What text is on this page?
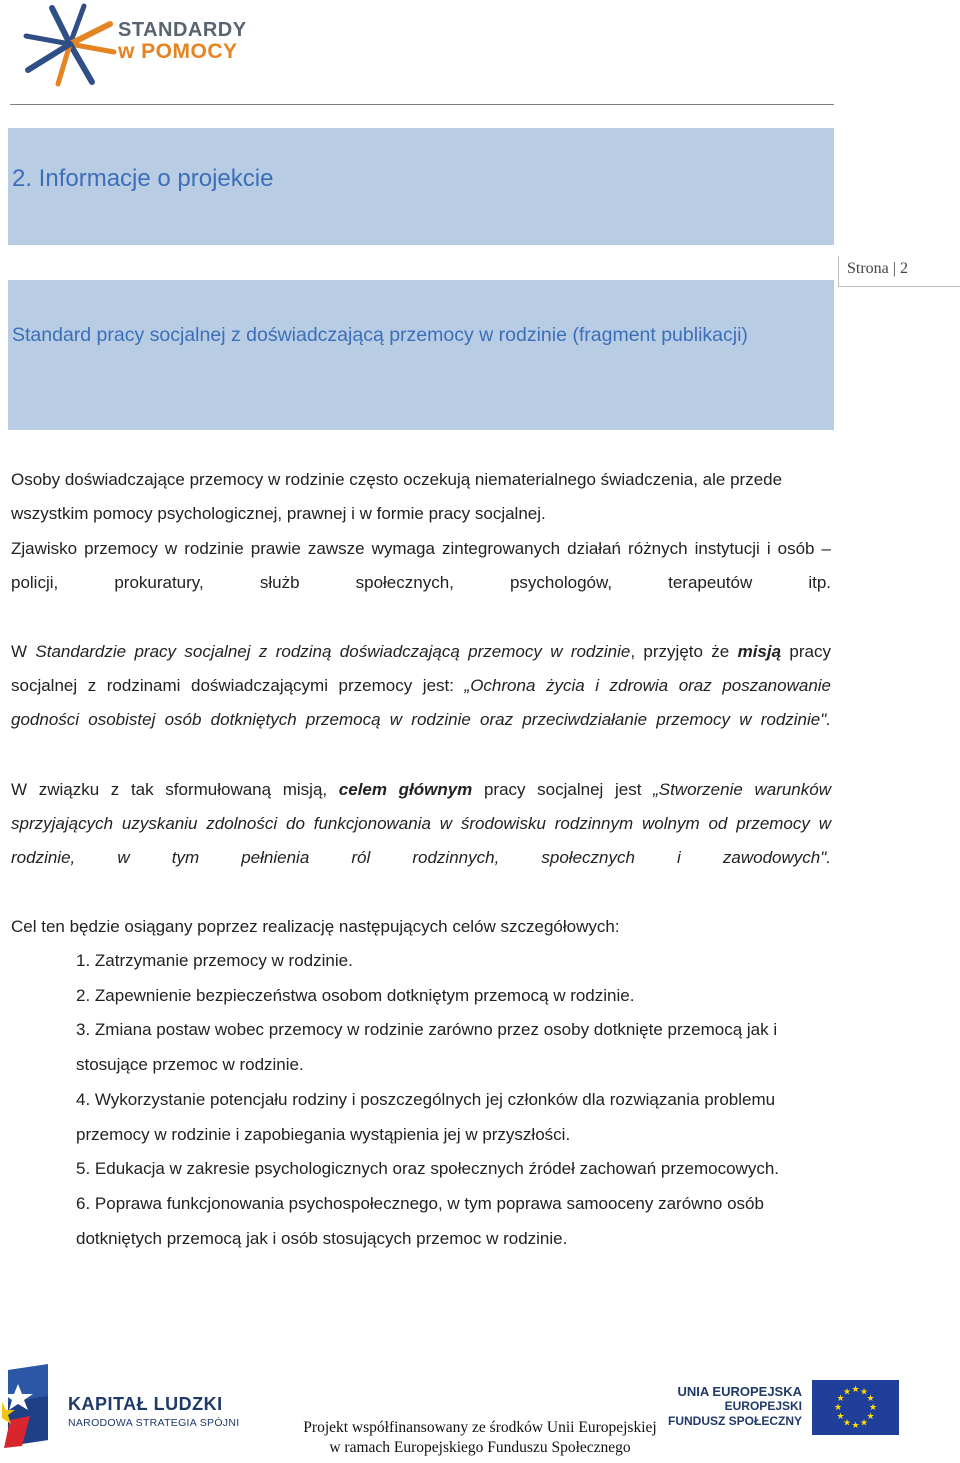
STANDARDY
w POMOCY
2. Informacje o projekcie
Strona | 2
Standard pracy socjalnej z doświadczającą przemocy w rodzinie (fragment publikacji)
Osoby doświadczające przemocy w rodzinie często oczekują niematerialnego świadczenia, ale przede wszystkim pomocy psychologicznej, prawnej i w formie pracy socjalnej.
Zjawisko przemocy w rodzinie prawie zawsze wymaga zintegrowanych działań różnych instytucji i osób – policji, prokuratury, służb społecznych, psychologów, terapeutów itp.
W Standardzie pracy socjalnej z rodziną doświadczającą przemocy w rodzinie, przyjęto że misją pracy socjalnej z rodzinami doświadczającymi przemocy jest: „Ochrona życia i zdrowia oraz poszanowanie godności osobistej osób dotkniętych przemocą w rodzinie oraz przeciwdziałanie przemocy w rodzinie".
W związku z tak sformułowaną misją, celem głównym pracy socjalnej jest „Stworzenie warunków sprzyjających uzyskaniu zdolności do funkcjonowania w środowisku rodzinnym wolnym od przemocy w rodzinie, w tym pełnienia ról rodzinnych, społecznych i zawodowych".
Cel ten będzie osiągany poprzez realizację następujących celów szczegółowych:

1. Zatrzymanie przemocy w rodzinie.

2. Zapewnienie bezpieczeństwa osobom dotkniętym przemocą w rodzinie.

3. Zmiana postaw wobec przemocy w rodzinie zarówno przez osoby dotknięte przemocą jak i stosujące przemoc w rodzinie.

4. Wykorzystanie potencjału rodziny i poszczególnych jej członków dla rozwiązania problemu przemocy w rodzinie i zapobiegania wystąpienia jej w przyszłości.

5. Edukacja w zakresie psychologicznych oraz społecznych źródeł zachowań przemocowych.

6. Poprawa funkcjonowania psychospołecznego, w tym poprawa samooceny zarówno osób dotkniętych przemocą jak i osób stosujących przemoc w rodzinie.

KAPITAŁ LUDZKI
NARODOWA STRATEGIA SPÓJNI	Projekt współfinansowany ze środków Unii Europejskiej
w ramach Europejskiego Funduszu Społecznego
UNIA EUROPEJSKA
EUROPEJSKI
FUNDUSZ SPOŁECZNY
★ ★
★
★
★
★
★
★
★
★
★
★
